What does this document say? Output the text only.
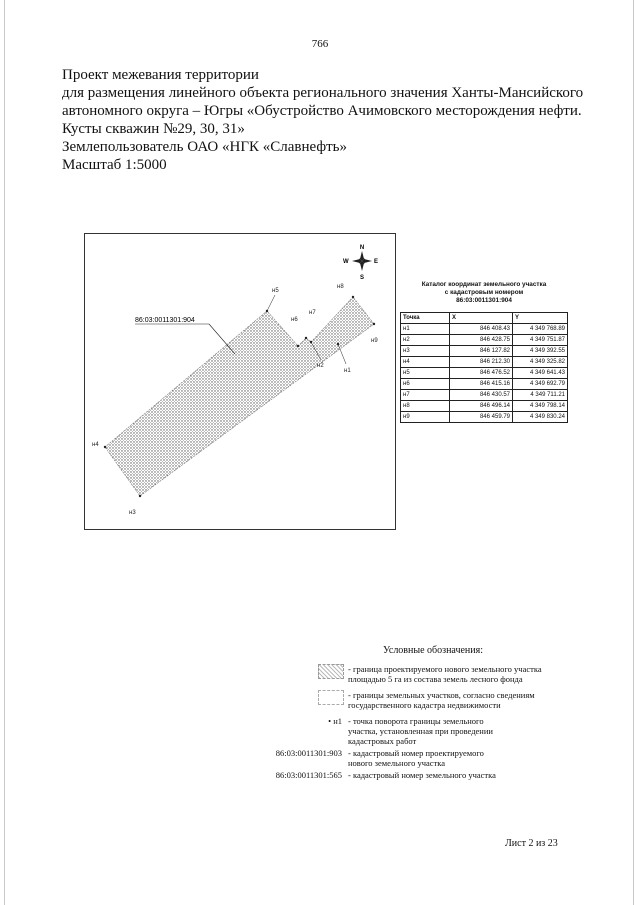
766
Проект межевания территории
для размещения линейного объекта регионального значения Ханты-Мансийского
автономного округа – Югры «Обустройство Ачимовского месторождения нефти.
Кусты скважин №29, 30, 31»
Землепользователь ОАО «НГК «Славнефть»
Масштаб 1:5000
N
S
E
W
86:03:0011301:904
н4
н3
н5
н6
н7
н2
н1
н8
н9
Каталог координат земельного участка
с кадастровым номером
86:03:0011301:904
Точка	X	Y
н1	846 408.43	4 349 768.89
н2	846 428.75	4 349 751.87
н3	846 127.82	4 349 392.55
н4	846 212.30	4 349 325.82
н5	846 476.52	4 349 641.43
н6	846 415.16	4 349 692.79
н7	846 430.57	4 349 711.21
н8	846 496.14	4 349 798.14
н9	846 459.79	4 349 830.24
Условные обозначения:
- граница проектируемого нового земельного участка
площадью 5 га из состава земель лесного фонда
- границы земельных участков, согласно сведениям
государственного кадастра недвижимости
• н1 - точка поворота границы земельного
участка, установленная при проведении
кадастровых работ
86:03:0011301:903 - кадастровый номер проектируемого
нового земельного участка
86:03:0011301:565 - кадастровый номер земельного участка
Лист 2 из 23
